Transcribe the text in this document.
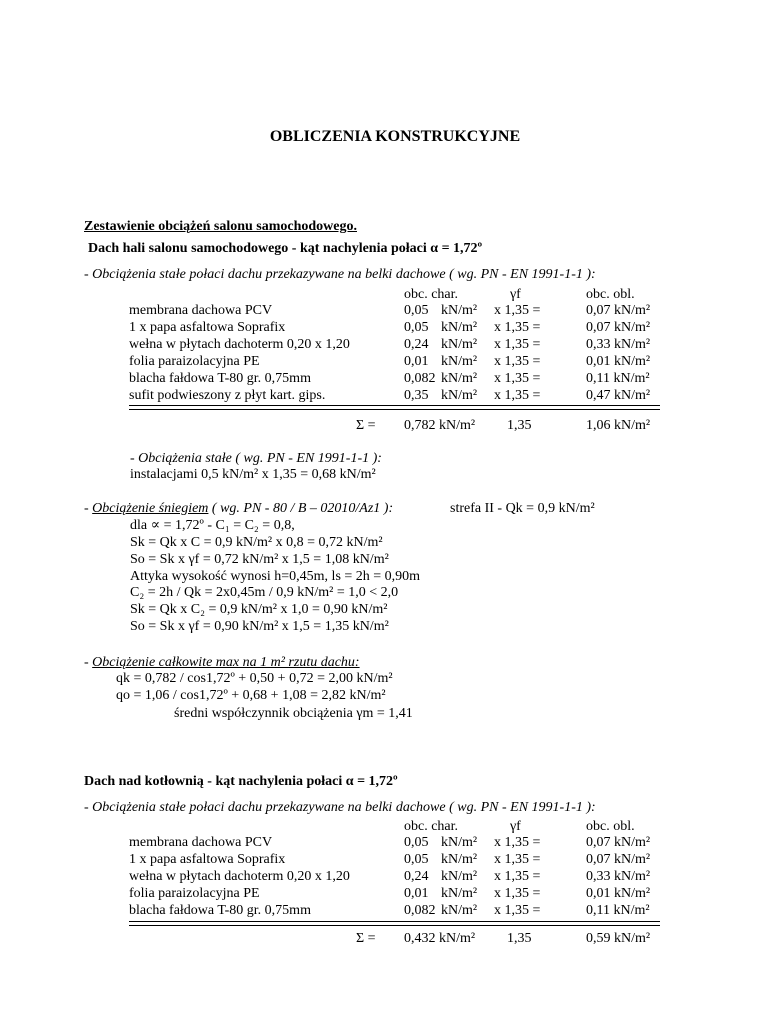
OBLICZENIA KONSTRUKCYJNE
Zestawienie obciążeń salonu samochodowego.
Dach hali salonu samochodowego - kąt nachylenia połaci α = 1,72º
- Obciążenia stałe połaci dachu przekazywane na belki dachowe ( wg. PN - EN 1991-1-1 ):
obc. char.	γf	obc. obl.
membrana dachowa PCV	0,05 kN/m² x 1,35 =	0,07 kN/m²
1 x papa asfaltowa Soprafix	0,05 kN/m² x 1,35 =	0,07 kN/m²
wełna w płytach dachoterm 0,20 x 1,20	0,24 kN/m² x 1,35 =	0,33 kN/m²
folia paraizolacyjna PE	0,01 kN/m² x 1,35 =	0,01 kN/m²
blacha fałdowa T-80 gr. 0,75mm	0,082 kN/m² x 1,35 =	0,11 kN/m²
sufit podwieszony z płyt kart. gips.	0,35 kN/m² x 1,35 =	0,47 kN/m²
Σ = 0,782 kN/m² 1,35	1,06 kN/m²
- Obciążenia stałe ( wg. PN - EN 1991-1-1 ):
instalacjami 0,5 kN/m² x 1,35 = 0,68 kN/m²
- Obciążenie śniegiem ( wg. PN - 80 / B – 02010/Az1 ):	strefa II - Qk = 0,9 kN/m²
dla ∝ = 1,72º - C₁ = C₂ = 0,8,
Sk = Qk x C = 0,9 kN/m² x 0,8 = 0,72 kN/m²
So = Sk x γf = 0,72 kN/m² x 1,5 = 1,08 kN/m²
Attyka wysokość wynosi h=0,45m, ls = 2h = 0,90m
C₂ = 2h / Qk = 2x0,45m / 0,9 kN/m² = 1,0 < 2,0
Sk = Qk x C₂ = 0,9 kN/m² x 1,0 = 0,90 kN/m²
So = Sk x γf = 0,90 kN/m² x 1,5 = 1,35 kN/m²
- Obciążenie całkowite max na 1 m² rzutu dachu:
qk = 0,782 / cos1,72º + 0,50 + 0,72 = 2,00 kN/m²
qo = 1,06 / cos1,72º + 0,68 + 1,08 = 2,82 kN/m²
średni współczynnik obciążenia γm = 1,41
Dach nad kotłownią - kąt nachylenia połaci α = 1,72º
- Obciążenia stałe połaci dachu przekazywane na belki dachowe ( wg. PN - EN 1991-1-1 ):
obc. char.	γf	obc. obl.
membrana dachowa PCV	0,05 kN/m² x 1,35 =	0,07 kN/m²
1 x papa asfaltowa Soprafix	0,05 kN/m² x 1,35 =	0,07 kN/m²
wełna w płytach dachoterm 0,20 x 1,20	0,24 kN/m² x 1,35 =	0,33 kN/m²
folia paraizolacyjna PE	0,01 kN/m² x 1,35 =	0,01 kN/m²
blacha fałdowa T-80 gr. 0,75mm	0,082 kN/m² x 1,35 =	0,11 kN/m²
Σ = 0,432 kN/m² 1,35	0,59 kN/m²
